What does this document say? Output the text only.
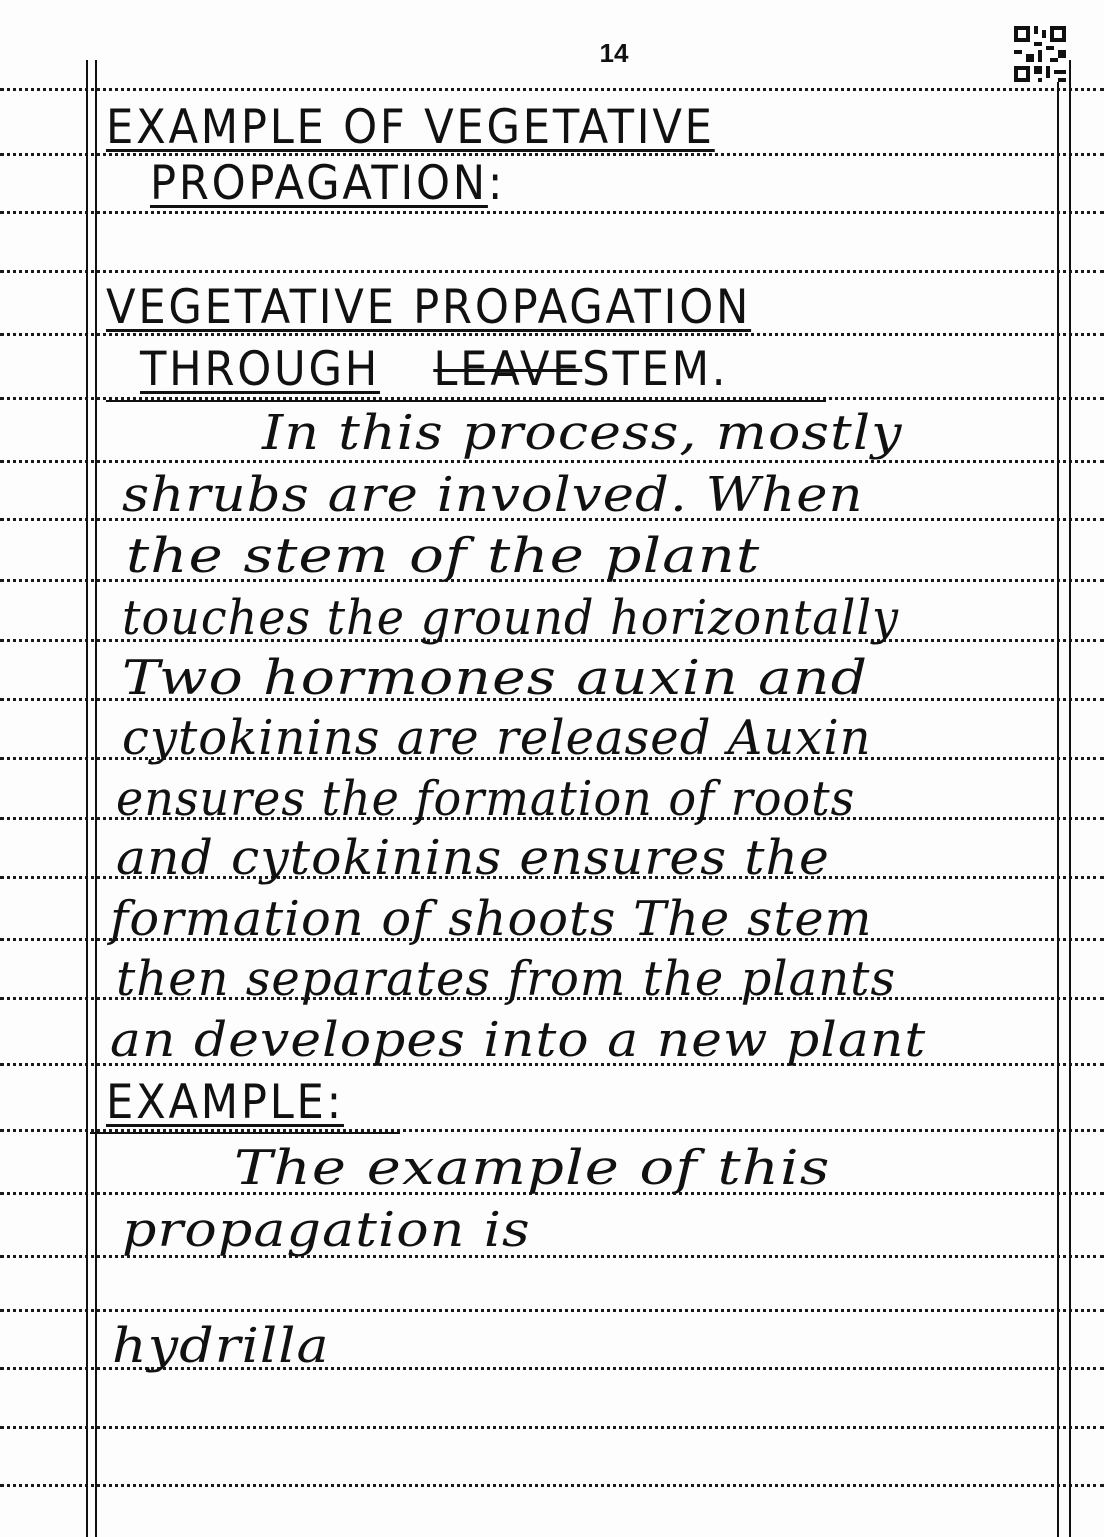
14
EXAMPLE OF VEGETATIVE
PROPAGATION:
VEGETATIVE PROPAGATION
THROUGH LEAVESTEM.
In this process, mostly
shrubs are involved. When
the stem of the plant
touches the ground horizontally
Two hormones auxin and
cytokinins are released Auxin
ensures the formation of roots
and cytokinins ensures the
formation of shoots The stem
then separates from the plants
an developes into a new plant
EXAMPLE:
The example of this
propagation is
hydrilla
